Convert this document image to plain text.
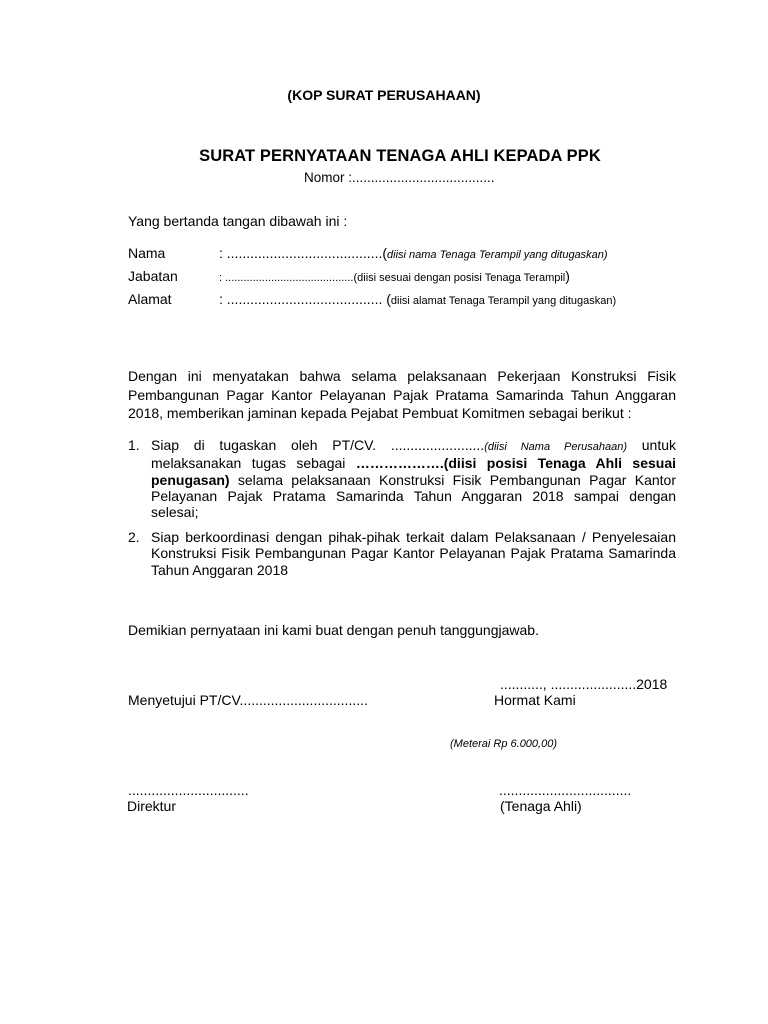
(KOP SURAT PERUSAHAAN)
SURAT PERNYATAAN TENAGA AHLI KEPADA PPK
Nomor :......................................
Yang bertanda tangan dibawah ini :
Nama	: ........................................(diisi nama Tenaga Terampil yang ditugaskan)
Jabatan	: ..........................................(diisi sesuai dengan posisi Tenaga Terampil)
Alamat	: ........................................ (diisi alamat Tenaga Terampil yang ditugaskan)
Dengan ini menyatakan bahwa selama pelaksanaan Pekerjaan Konstruksi Fisik Pembangunan Pagar Kantor Pelayanan Pajak Pratama Samarinda Tahun Anggaran 2018, memberikan jaminan kepada Pejabat Pembuat Komitmen sebagai berikut :
1. Siap di tugaskan oleh PT/CV. ........................(diisi Nama Perusahaan) untuk melaksanakan tugas sebagai ……………….(diisi posisi Tenaga Ahli sesuai penugasan) selama pelaksanaan Konstruksi Fisik Pembangunan Pagar Kantor Pelayanan Pajak Pratama Samarinda Tahun Anggaran 2018 sampai dengan selesai;
2. Siap berkoordinasi dengan pihak-pihak terkait dalam Pelaksanaan / Penyelesaian Konstruksi Fisik Pembangunan Pagar Kantor Pelayanan Pajak Pratama Samarinda Tahun Anggaran 2018
Demikian pernyataan ini kami buat dengan penuh tanggungjawab.
..........., ......................2018
Menyetujui PT/CV.................................	Hormat Kami
(Meterai Rp 6.000,00)
...............................	..................................
Direktur	(Tenaga Ahli)
